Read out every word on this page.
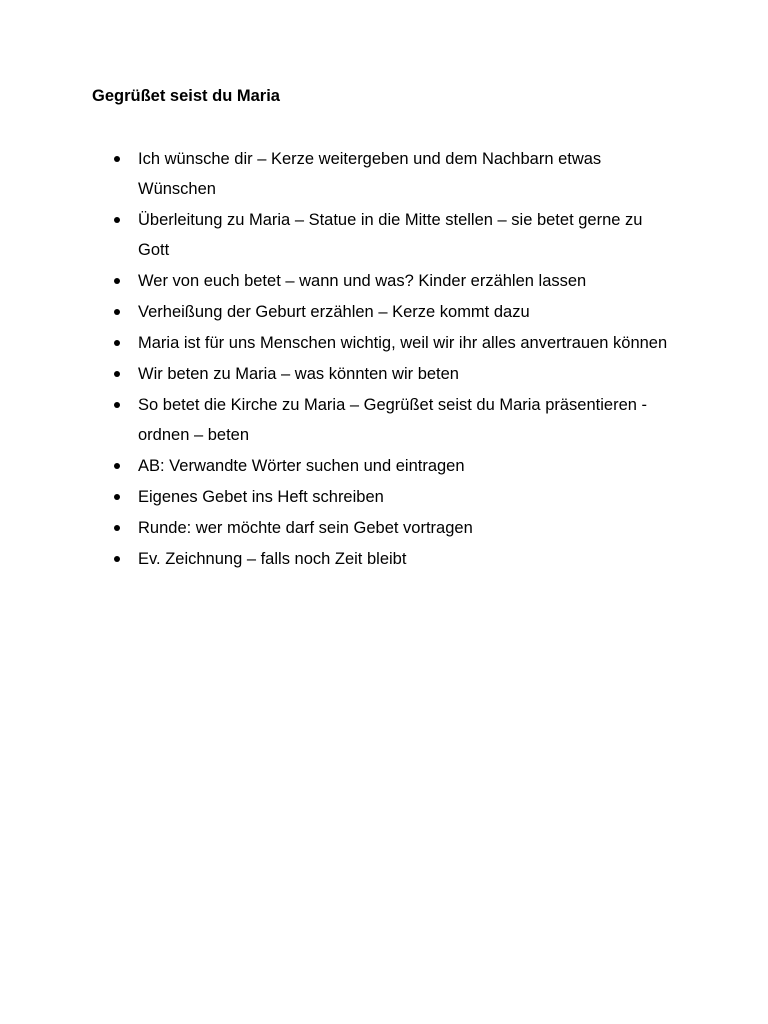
Gegrüßet seist du Maria
Ich wünsche dir – Kerze weitergeben und dem Nachbarn etwas Wünschen
Überleitung zu Maria – Statue in die Mitte stellen – sie betet gerne zu Gott
Wer von euch betet – wann und was? Kinder erzählen lassen
Verheißung der Geburt erzählen – Kerze kommt dazu
Maria ist für uns Menschen wichtig, weil wir ihr alles anvertrauen können
Wir beten zu Maria – was könnten wir beten
So betet die Kirche zu Maria – Gegrüßet seist du Maria präsentieren - ordnen – beten
AB: Verwandte Wörter suchen und eintragen
Eigenes Gebet ins Heft schreiben
Runde: wer möchte darf sein Gebet vortragen
Ev. Zeichnung – falls noch Zeit bleibt
